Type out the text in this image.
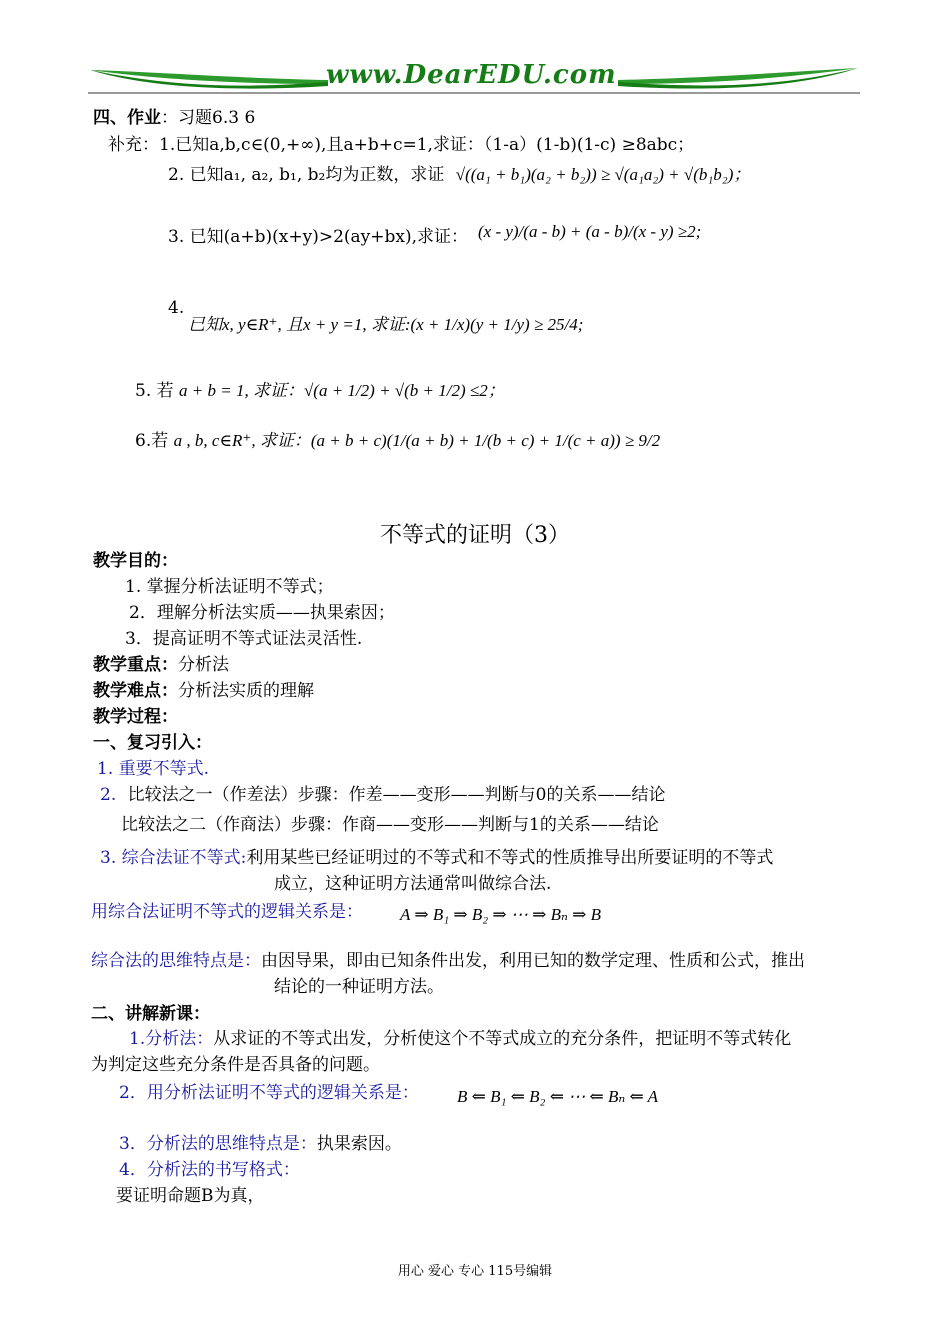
www.DearEDU.com
四、作业：习题6.3 6
补充：1.已知a,b,c∈(0,+∞),且a+b+c=1,求证：（1-a）(1-b)(1-c) ≥8abc；
2. 已知a₁, a₂, b₁, b₂均为正数，求证 √((a₁ + b₁)(a₂ + b₂)) ≥ √(a₁a₂) + √(b₁b₂)；
3. 已知(a+b)(x+y)>2(ay+bx),求证： (x - y)/(a - b) + (a - b)/(x - y) ≥2;
4.
已知x, y∈R⁺, 且x + y =1, 求证:(x + 1/x)(y + 1/y) ≥ 25/4;
5. 若 a + b = 1, 求证：√(a + 1/2) + √(b + 1/2) ≤2；
6.若 a , b, c∈R⁺, 求证：(a + b + c)(1/(a + b) + 1/(b + c) + 1/(c + a)) ≥ 9/2
不等式的证明（3）
教学目的：
1. 掌握分析法证明不等式；
2．理解分析法实质——执果索因；
3．提高证明不等式证法灵活性.
教学重点：分析法
教学难点：分析法实质的理解
教学过程：
一、复习引入：
1. 重要不等式.
2. 比较法之一（作差法）步骤：作差——变形——判断与0的关系——结论
比较法之二（作商法）步骤：作商——变形——判断与1的关系——结论
3. 综合法证不等式:利用某些已经证明过的不等式和不等式的性质推导出所要证明的不等式
成立，这种证明方法通常叫做综合法.
用综合法证明不等式的逻辑关系是： A ⇒ B₁ ⇒ B₂ ⇒ ⋯ ⇒ Bₙ ⇒ B
综合法的思维特点是：由因导果，即由已知条件出发，利用已知的数学定理、性质和公式，推出
结论的一种证明方法。
二、讲解新课：
1.分析法：从求证的不等式出发，分析使这个不等式成立的充分条件，把证明不等式转化
为判定这些充分条件是否具备的问题。
2．用分析法证明不等式的逻辑关系是： B ⇐ B₁ ⇐ B₂ ⇐ ⋯ ⇐ Bₙ ⇐ A
3．分析法的思维特点是：执果索因。
4．分析法的书写格式：
要证明命题B为真，
用心 爱心 专心 115号编辑
